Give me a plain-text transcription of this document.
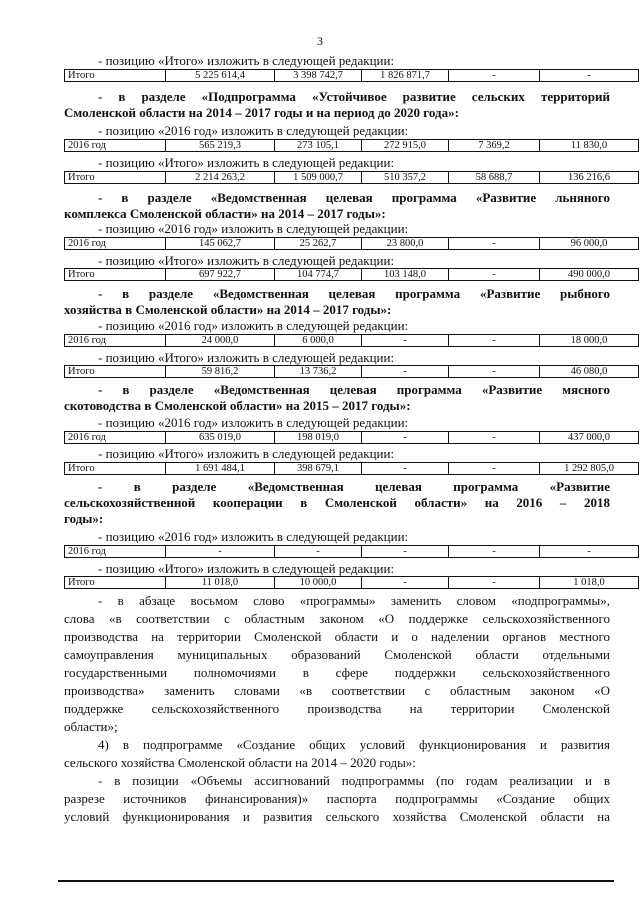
3
- позицию «Итого» изложить в следующей редакции:
Итого	5 225 614,4	3 398 742,7	1 826 871,7	-	-
- в разделе «Подпрограмма «Устойчивое развитие сельских территорий
Смоленской области на 2014 – 2017 годы и на период до 2020 года»:
- позицию «2016 год» изложить в следующей редакции:
2016 год	565 219,3	273 105,1	272 915,0	7 369,2	11 830,0
- позицию «Итого» изложить в следующей редакции:
Итого	2 214 263,2	1 509 000,7	510 357,2	58 688,7	136 216,6
- в разделе «Ведомственная целевая программа «Развитие льняного
комплекса Смоленской области» на 2014 – 2017 годы»:
- позицию «2016 год» изложить в следующей редакции:
2016 год	145 062,7	25 262,7	23 800,0	-	96 000,0
- позицию «Итого» изложить в следующей редакции:
Итого	697 922,7	104 774,7	103 148,0	-	490 000,0
- в разделе «Ведомственная целевая программа «Развитие рыбного
хозяйства в Смоленской области» на 2014 – 2017 годы»:
- позицию «2016 год» изложить в следующей редакции:
2016 год	24 000,0	6 000,0	-	-	18 000,0
- позицию «Итого» изложить в следующей редакции:
Итого	59 816,2	13 736,2	-	-	46 080,0
- в разделе «Ведомственная целевая программа «Развитие мясного
скотоводства в Смоленской области» на 2015 – 2017 годы»:
- позицию «2016 год» изложить в следующей редакции:
2016 год	635 019,0	198 019,0	-	-	437 000,0
- позицию «Итого» изложить в следующей редакции:
Итого	1 691 484,1	398 679,1	-	-	1 292 805,0
- в разделе «Ведомственная целевая программа «Развитие
сельскохозяйственной кооперации в Смоленской области» на 2016 – 2018
годы»:
- позицию «2016 год» изложить в следующей редакции:
2016 год	-	-	-	-	-
- позицию «Итого» изложить в следующей редакции:
Итого	11 018,0	10 000,0	-	-	1 018,0
- в абзаце восьмом слово «программы» заменить словом «подпрограммы»,
слова «в соответствии с областным законом «О поддержке сельскохозяйственного
производства на территории Смоленской области и о наделении органов местного
самоуправления муниципальных образований Смоленской области отдельными
государственными полномочиями в сфере поддержки сельскохозяйственного
производства» заменить словами «в соответствии с областным законом «О
поддержке сельскохозяйственного производства на территории Смоленской
области»;
4) в подпрограмме «Создание общих условий функционирования и развития
сельского хозяйства Смоленской области на 2014 – 2020 годы»:
- в позиции «Объемы ассигнований подпрограммы (по годам реализации и в
разрезе источников финансирования)» паспорта подпрограммы «Создание общих
условий функционирования и развития сельского хозяйства Смоленской области на
